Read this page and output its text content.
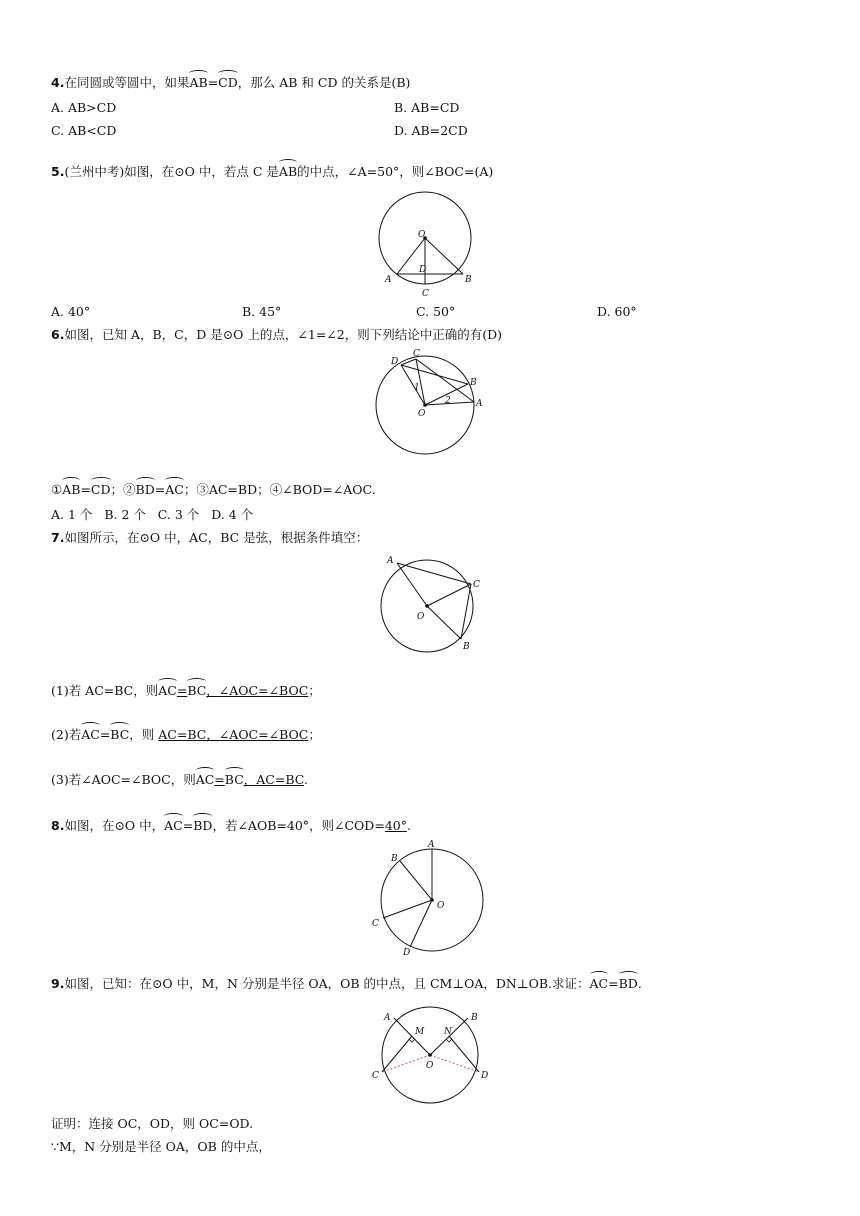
4.在同圆或等圆中，如果AB=CD，那么 AB 和 CD 的关系是(B)
A. AB>CD	B. AB=CD
C. AB<CD	D. AB=2CD
5.(兰州中考)如图，在⊙O 中，若点 C 是AB的中点，∠A=50°，则∠BOC=(A)
O
A	B
C
D
A. 40°	B. 45°	C. 50°	D. 60°
6.如图，已知 A，B，C，D 是⊙O 上的点，∠1=∠2，则下列结论中正确的有(D)
O
A
B
C
D
1
2
①AB=CD；②BD=AC；③AC=BD；④∠BOD=∠AOC.
A. 1 个   B. 2 个   C. 3 个   D. 4 个
7.如图所示，在⊙O 中，AC，BC 是弦，根据条件填空：
O
A
C
B
(1)若 AC=BC，则AC=BC，∠AOC=∠BOC；
(2)若AC=BC，则 AC=BC，∠AOC=∠BOC；
(3)若∠AOC=∠BOC，则AC=BC，AC=BC.
8.如图，在⊙O 中，AC=BD，若∠AOB=40°，则∠COD=40°.
O
A
B
C
D
9.如图，已知：在⊙O 中，M，N 分别是半径 OA，OB 的中点，且 CM⊥OA，DN⊥OB.求证：AC=BD.
O
A	B
C	D
M N
证明：连接 OC，OD，则 OC=OD.
∵M，N 分别是半径 OA，OB 的中点，
